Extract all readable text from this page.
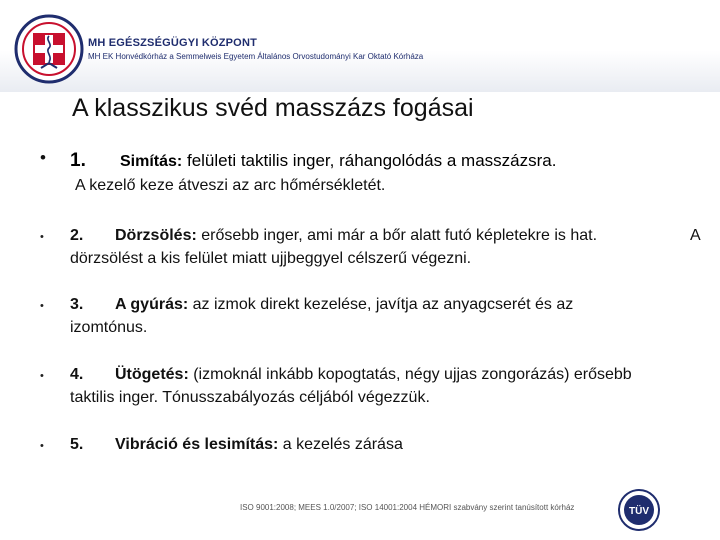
MH EGÉSZSÉGÜGYI KÖZPONT
MH EK Honvédkórház a Semmelweis Egyetem Általános Orvostudományi Kar Oktató Kórháza
A klasszikus svéd masszázs fogásai
• 1. Simítás: felületi taktilis inger, ráhangolódás a masszázsra.
A kezelő keze átveszi az arc hőmérsékletét.
• 2. Dörzsölés: erősebb inger, ami már a bőr alatt futó képletekre is hat.	A
dörzsölést a kis felület miatt ujjbeggyel célszerű végezni.
• 3. A gyúrás: az izmok direkt kezelése, javítja az anyagcserét és az
izomtónus.
• 4. Ütögetés: (izmoknál inkább kopogtatás, négy ujjas zongorázás) erősebb
taktilis inger. Tónusszabályozás céljából végezzük.
• 5. Vibráció és lesimítás: a kezelés zárása
ISO 9001:2008; MEES 1.0/2007; ISO 14001:2004 HÉMORI szabvány szerint tanúsított kórház	TÜV
